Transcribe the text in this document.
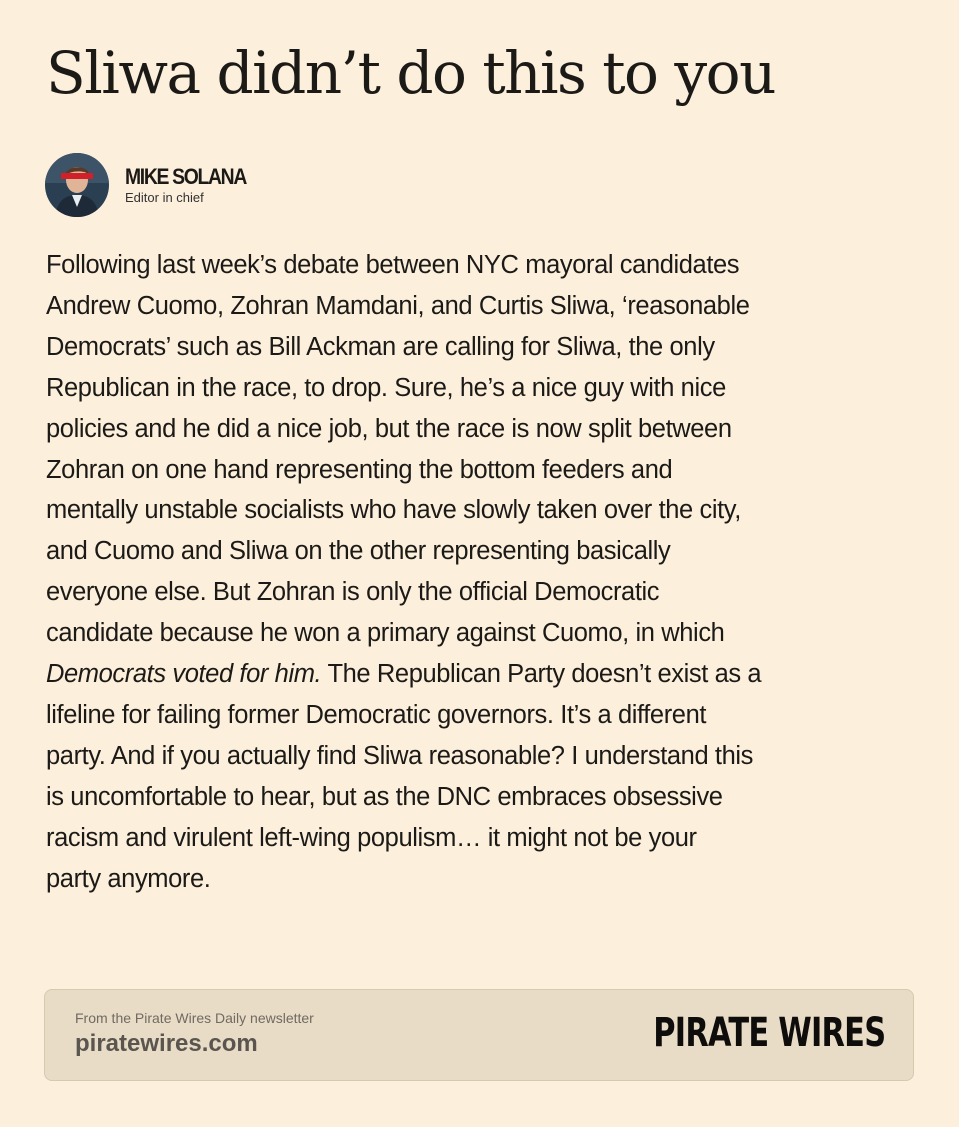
Sliwa didn’t do this to you
MIKE SOLANA
Editor in chief
Following last week’s debate between NYC mayoral candidates
Andrew Cuomo, Zohran Mamdani, and Curtis Sliwa, ‘reasonable
Democrats’ such as Bill Ackman are calling for Sliwa, the only
Republican in the race, to drop. Sure, he’s a nice guy with nice
policies and he did a nice job, but the race is now split between
Zohran on one hand representing the bottom feeders and
mentally unstable socialists who have slowly taken over the city,
and Cuomo and Sliwa on the other representing basically
everyone else. But Zohran is only the official Democratic
candidate because he won a primary against Cuomo, in which
Democrats voted for him. The Republican Party doesn’t exist as a
lifeline for failing former Democratic governors. It’s a different
party. And if you actually find Sliwa reasonable? I understand this
is uncomfortable to hear, but as the DNC embraces obsessive
racism and virulent left-wing populism… it might not be your
party anymore.
From the Pirate Wires Daily newsletter
piratewires.com	PIRATE WIRES
